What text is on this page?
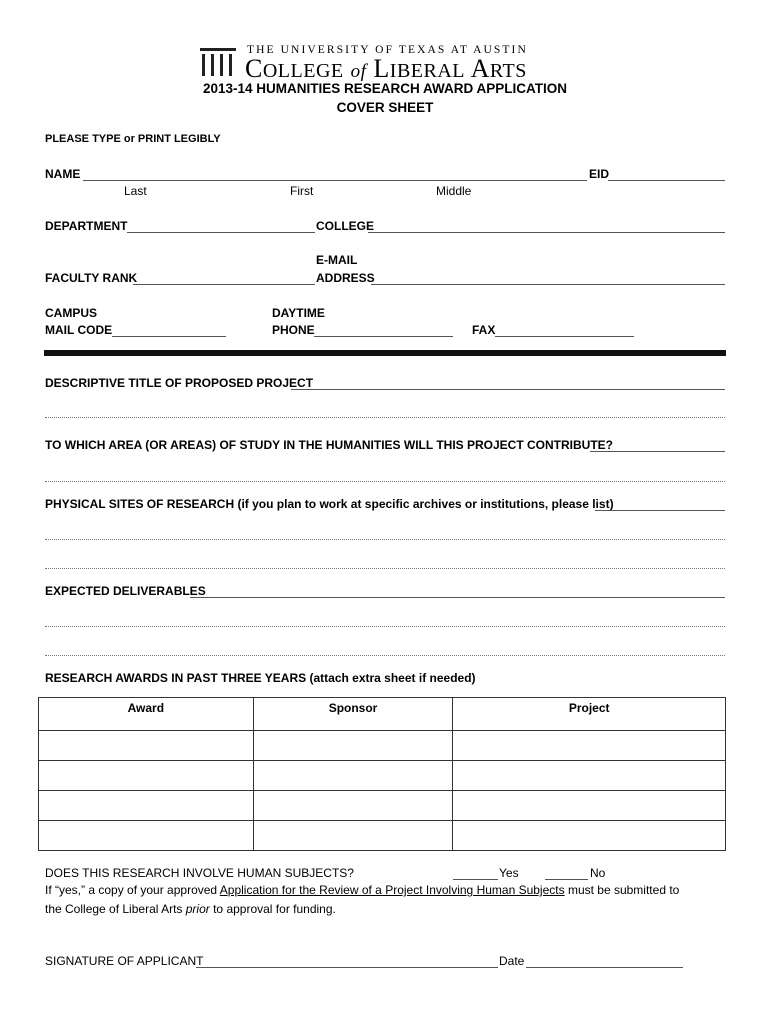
THE UNIVERSITY OF TEXAS AT AUSTIN
COLLEGE of LIBERAL ARTS
2013-14 HUMANITIES RESEARCH AWARD APPLICATION
COVER SHEET
PLEASE TYPE or PRINT LEGIBLY
NAME	EID
Last	First	Middle
DEPARTMENT	COLLEGE
E-MAIL
FACULTY RANK	ADDRESS
CAMPUS	DAYTIME
MAIL CODE	PHONE	FAX
DESCRIPTIVE TITLE OF PROPOSED PROJECT
TO WHICH AREA (OR AREAS) OF STUDY IN THE HUMANITIES WILL THIS PROJECT CONTRIBUTE?
PHYSICAL SITES OF RESEARCH (if you plan to work at specific archives or institutions, please list)
EXPECTED DELIVERABLES
RESEARCH AWARDS IN PAST THREE YEARS (attach extra sheet if needed)
Award	Sponsor	Project

DOES THIS RESEARCH INVOLVE HUMAN SUBJECTS?	Yes	No
If “yes,” a copy of your approved Application for the Review of a Project Involving Human Subjects must be submitted to
the College of Liberal Arts prior to approval for funding.
SIGNATURE OF APPLICANT	Date
